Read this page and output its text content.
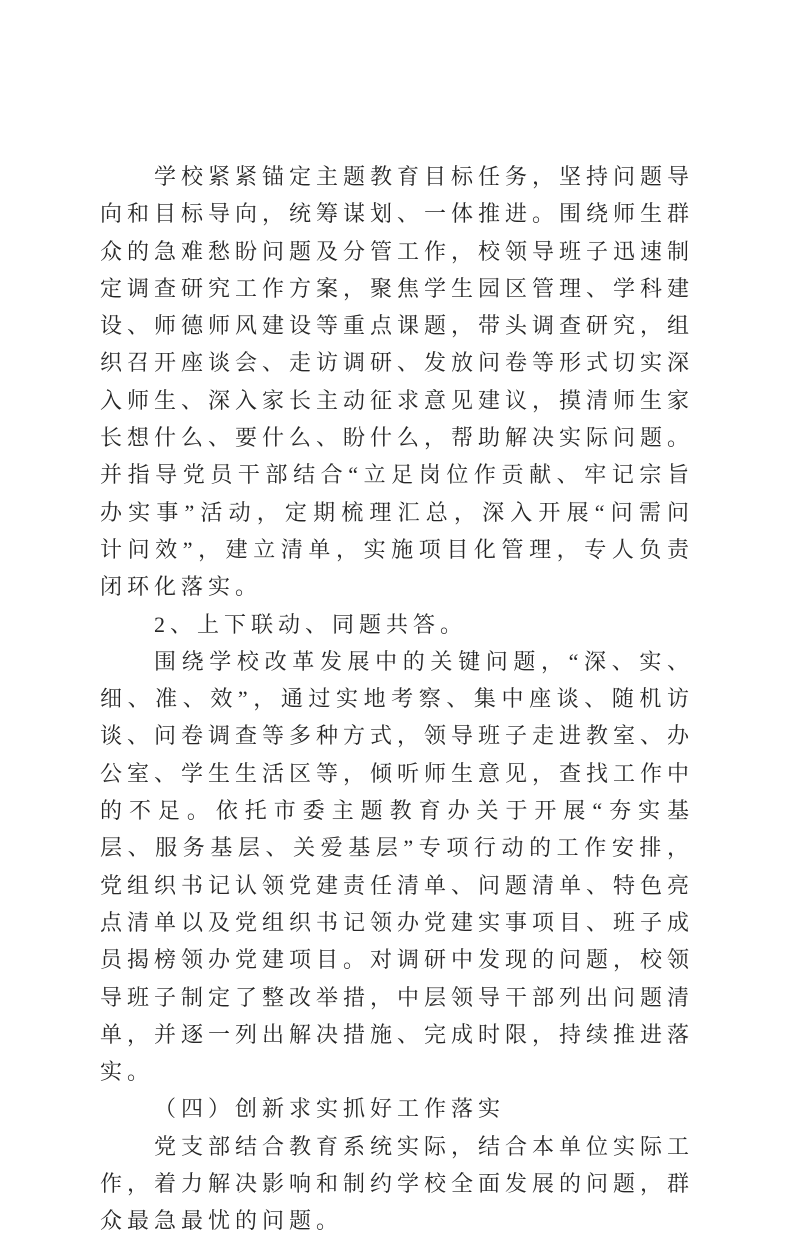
学校紧紧锚定主题教育目标任务，坚持问题导向和目标导向，统筹谋划、一体推进。围绕师生群众的急难愁盼问题及分管工作，校领导班子迅速制定调查研究工作方案，聚焦学生园区管理、学科建设、师德师风建设等重点课题，带头调查研究，组织召开座谈会、走访调研、发放问卷等形式切实深入师生、深入家长主动征求意见建议，摸清师生家长想什么、要什么、盼什么，帮助解决实际问题。并指导党员干部结合“立足岗位作贡献、牢记宗旨办实事”活动，定期梳理汇总，深入开展“问需问计问效”，建立清单，实施项目化管理，专人负责闭环化落实。

2、上下联动、同题共答。

围绕学校改革发展中的关键问题，“深、实、细、准、效”，通过实地考察、集中座谈、随机访谈、问卷调查等多种方式，领导班子走进教室、办公室、学生生活区等，倾听师生意见，查找工作中的不足。依托市委主题教育办关于开展“夯实基层、服务基层、关爱基层”专项行动的工作安排，党组织书记认领党建责任清单、问题清单、特色亮点清单以及党组织书记领办党建实事项目、班子成员揭榜领办党建项目。对调研中发现的问题，校领导班子制定了整改举措，中层领导干部列出问题清单，并逐一列出解决措施、完成时限，持续推进落实。

（四）创新求实抓好工作落实

党支部结合教育系统实际，结合本单位实际工作，着力解决影响和制约学校全面发展的问题，群众最急最忧的问题。
